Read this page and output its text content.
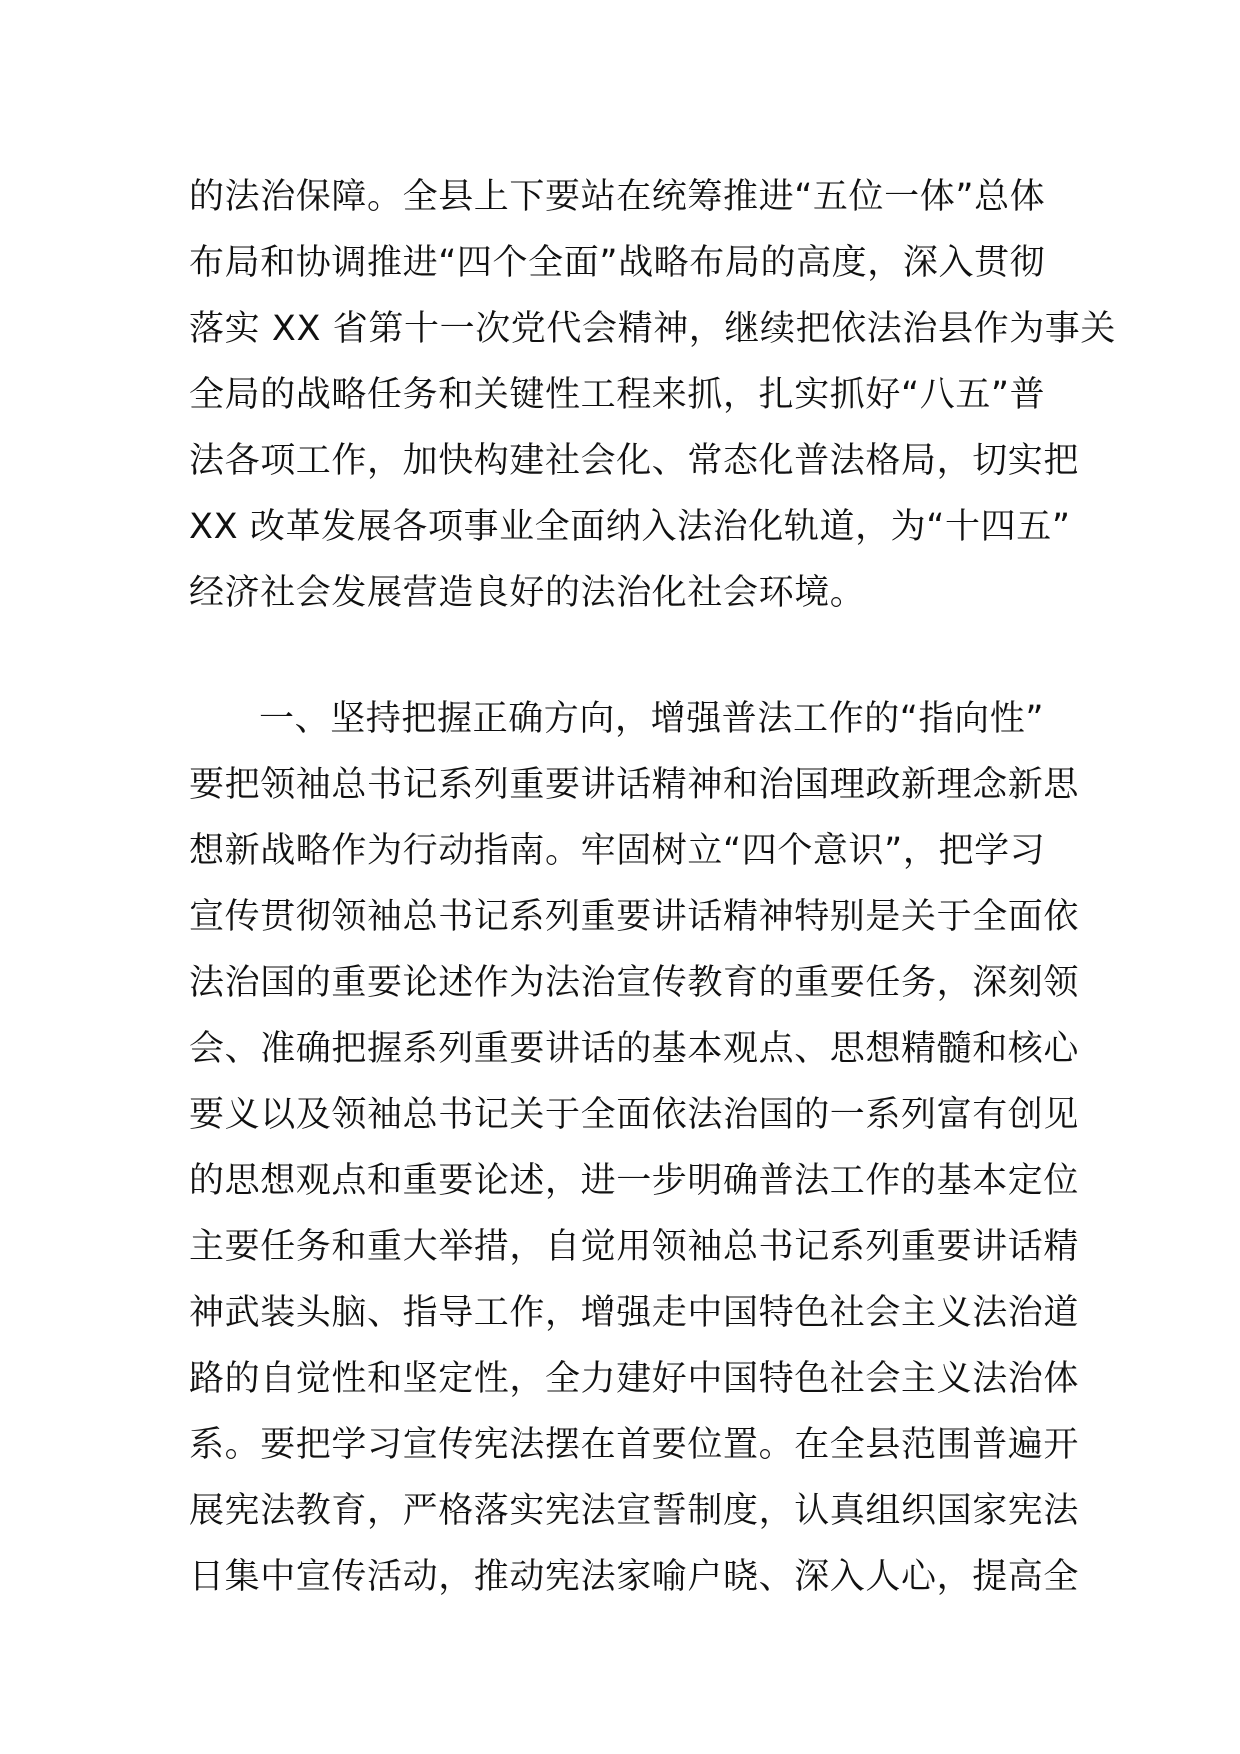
的法治保障。全县上下要站在统筹推进“五位一体”总体
布局和协调推进“四个全面”战略布局的高度，深入贯彻
落实 XX 省第十一次党代会精神，继续把依法治县作为事关
全局的战略任务和关键性工程来抓，扎实抓好“八五”普
法各项工作，加快构建社会化、常态化普法格局，切实把
XX 改革发展各项事业全面纳入法治化轨道，为“十四五”
经济社会发展营造良好的法治化社会环境。
一、坚持把握正确方向，增强普法工作的“指向性”
要把领袖总书记系列重要讲话精神和治国理政新理念新思
想新战略作为行动指南。牢固树立“四个意识”，把学习
宣传贯彻领袖总书记系列重要讲话精神特别是关于全面依
法治国的重要论述作为法治宣传教育的重要任务，深刻领
会、准确把握系列重要讲话的基本观点、思想精髓和核心
要义以及领袖总书记关于全面依法治国的一系列富有创见
的思想观点和重要论述，进一步明确普法工作的基本定位
主要任务和重大举措，自觉用领袖总书记系列重要讲话精
神武装头脑、指导工作，增强走中国特色社会主义法治道
路的自觉性和坚定性，全力建好中国特色社会主义法治体
系。要把学习宣传宪法摆在首要位置。在全县范围普遍开
展宪法教育，严格落实宪法宣誓制度，认真组织国家宪法
日集中宣传活动，推动宪法家喻户晓、深入人心，提高全
